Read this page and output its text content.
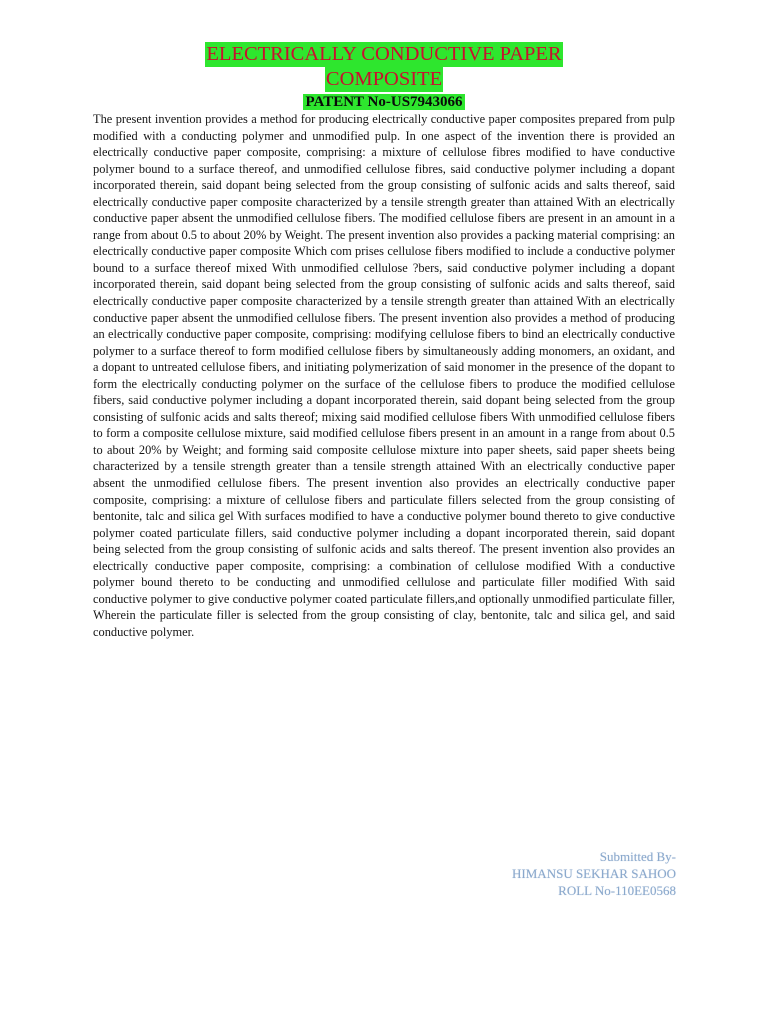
ELECTRICALLY CONDUCTIVE PAPER
COMPOSITE
PATENT No-US7943066
The present invention provides a method for producing electrically conductive paper composites prepared from pulp modified with a conducting polymer and unmodified pulp. In one aspect of the invention there is provided an electrically conductive paper composite, comprising: a mixture of cellulose fibres modified to have conductive polymer bound to a surface thereof, and unmodified cellulose fibres, said conductive polymer including a dopant incorporated therein, said dopant being selected from the group consisting of sulfonic acids and salts thereof, said electrically conductive paper composite characterized by a tensile strength greater than attained With an electrically conductive paper absent the unmodified cellulose fibers. The modified cellulose fibers are present in an amount in a range from about 0.5 to about 20% by Weight. The present invention also provides a packing material comprising: an electrically conductive paper composite Which com prises cellulose fibers modified to include a conductive polymer bound to a surface thereof mixed With unmodified cellulose ?bers, said conductive polymer including a dopant incorporated therein, said dopant being selected from the group consisting of sulfonic acids and salts thereof, said electrically conductive paper composite characterized by a tensile strength greater than attained With an electrically conductive paper absent the unmodified cellulose fibers. The present invention also provides a method of producing an electrically conductive paper composite, comprising: modifying cellulose fibers to bind an electrically conductive polymer to a surface thereof to form modified cellulose fibers by simultaneously adding monomers, an oxidant, and a dopant to untreated cellulose fibers, and initiating polymerization of said monomer in the presence of the dopant to form the electrically conducting polymer on the surface of the cellulose fibers to produce the modified cellulose fibers, said conductive polymer including a dopant incorporated therein, said dopant being selected from the group consisting of sulfonic acids and salts thereof; mixing said modified cellulose fibers With unmodified cellulose fibers to form a composite cellulose mixture, said modified cellulose fibers present in an amount in a range from about 0.5 to about 20% by Weight; and forming said composite cellulose mixture into paper sheets, said paper sheets being characterized by a tensile strength greater than a tensile strength attained With an electrically conductive paper absent the unmodified cellulose fibers. The present invention also provides an electrically conductive paper composite, comprising: a mixture of cellulose fibers and particulate fillers selected from the group consisting of bentonite, talc and silica gel With surfaces modified to have a conductive polymer bound thereto to give conductive polymer coated particulate fillers, said conductive polymer including a dopant incorporated therein, said dopant being selected from the group consisting of sulfonic acids and salts thereof. The present invention also provides an electrically conductive paper composite, comprising: a combination of cellulose modified With a conductive polymer bound thereto to be conducting and unmodified cellulose and particulate filler modified With said conductive polymer to give conductive polymer coated particulate fillers,and optionally unmodified particulate filler, Wherein the particulate filler is selected from the group consisting of clay, bentonite, talc and silica gel, and said conductive polymer.
Submitted By-
HIMANSU SEKHAR SAHOO
ROLL No-110EE0568
